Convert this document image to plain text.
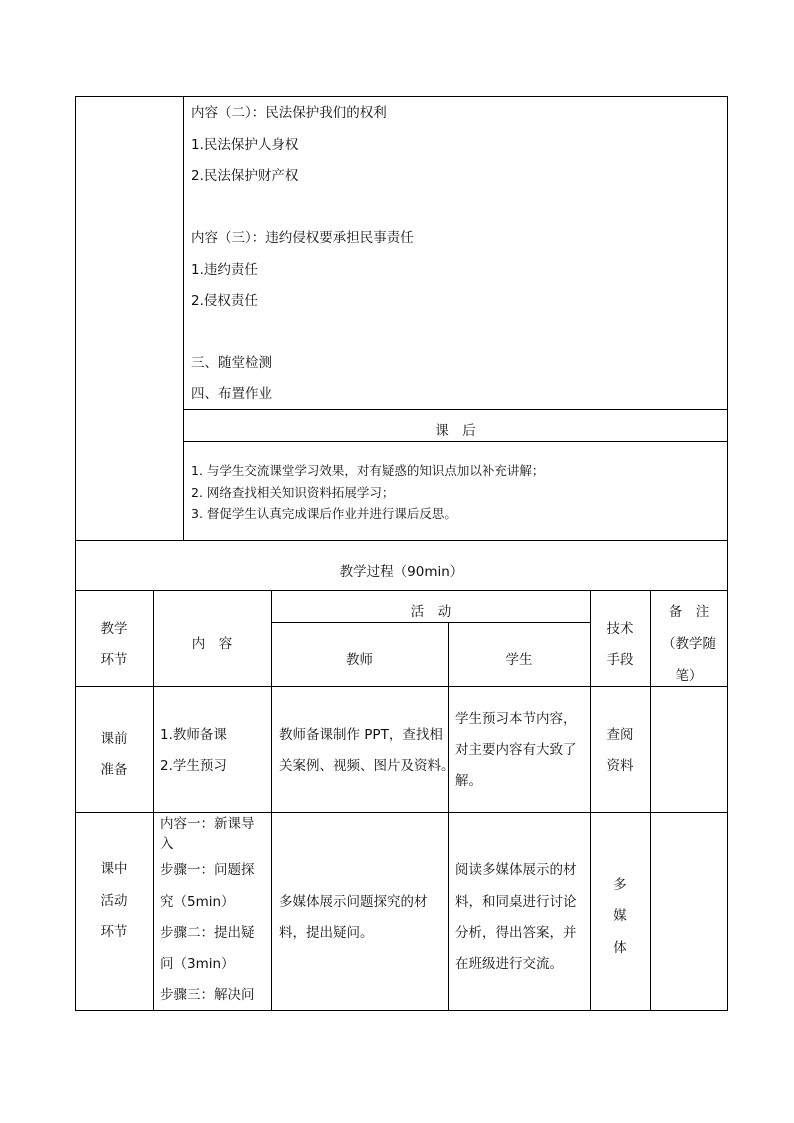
内容（二）：民法保护我们的权利
1.民法保护人身权
2.民法保护财产权
内容（三）：违约侵权要承担民事责任
1.违约责任
2.侵权责任
三、随堂检测
四、布置作业
课　后
1. 与学生交流课堂学习效果，对有疑惑的知识点加以补充讲解；
2. 网络查找相关知识资料拓展学习；
3. 督促学生认真完成课后作业并进行课后反思。
教学过程（90min）
教学
环节
内　容
活　动
教师	学生
技术
手段
备　注
（教学随
笔）
课前
准备
1.教师备课
2.学生预习
教师备课制作 PPT，查找相
关案例、视频、图片及资料。
学生预习本节内容，
对主要内容有大致了
解。
查阅
资料
课中
活动
环节
内容一：新课导
入
步骤一：问题探
究（5min）
步骤二：提出疑
问（3min）
步骤三：解决问
多媒体展示问题探究的材
料，提出疑问。
阅读多媒体展示的材
料，和同桌进行讨论
分析，得出答案，并
在班级进行交流。
多
媒
体
